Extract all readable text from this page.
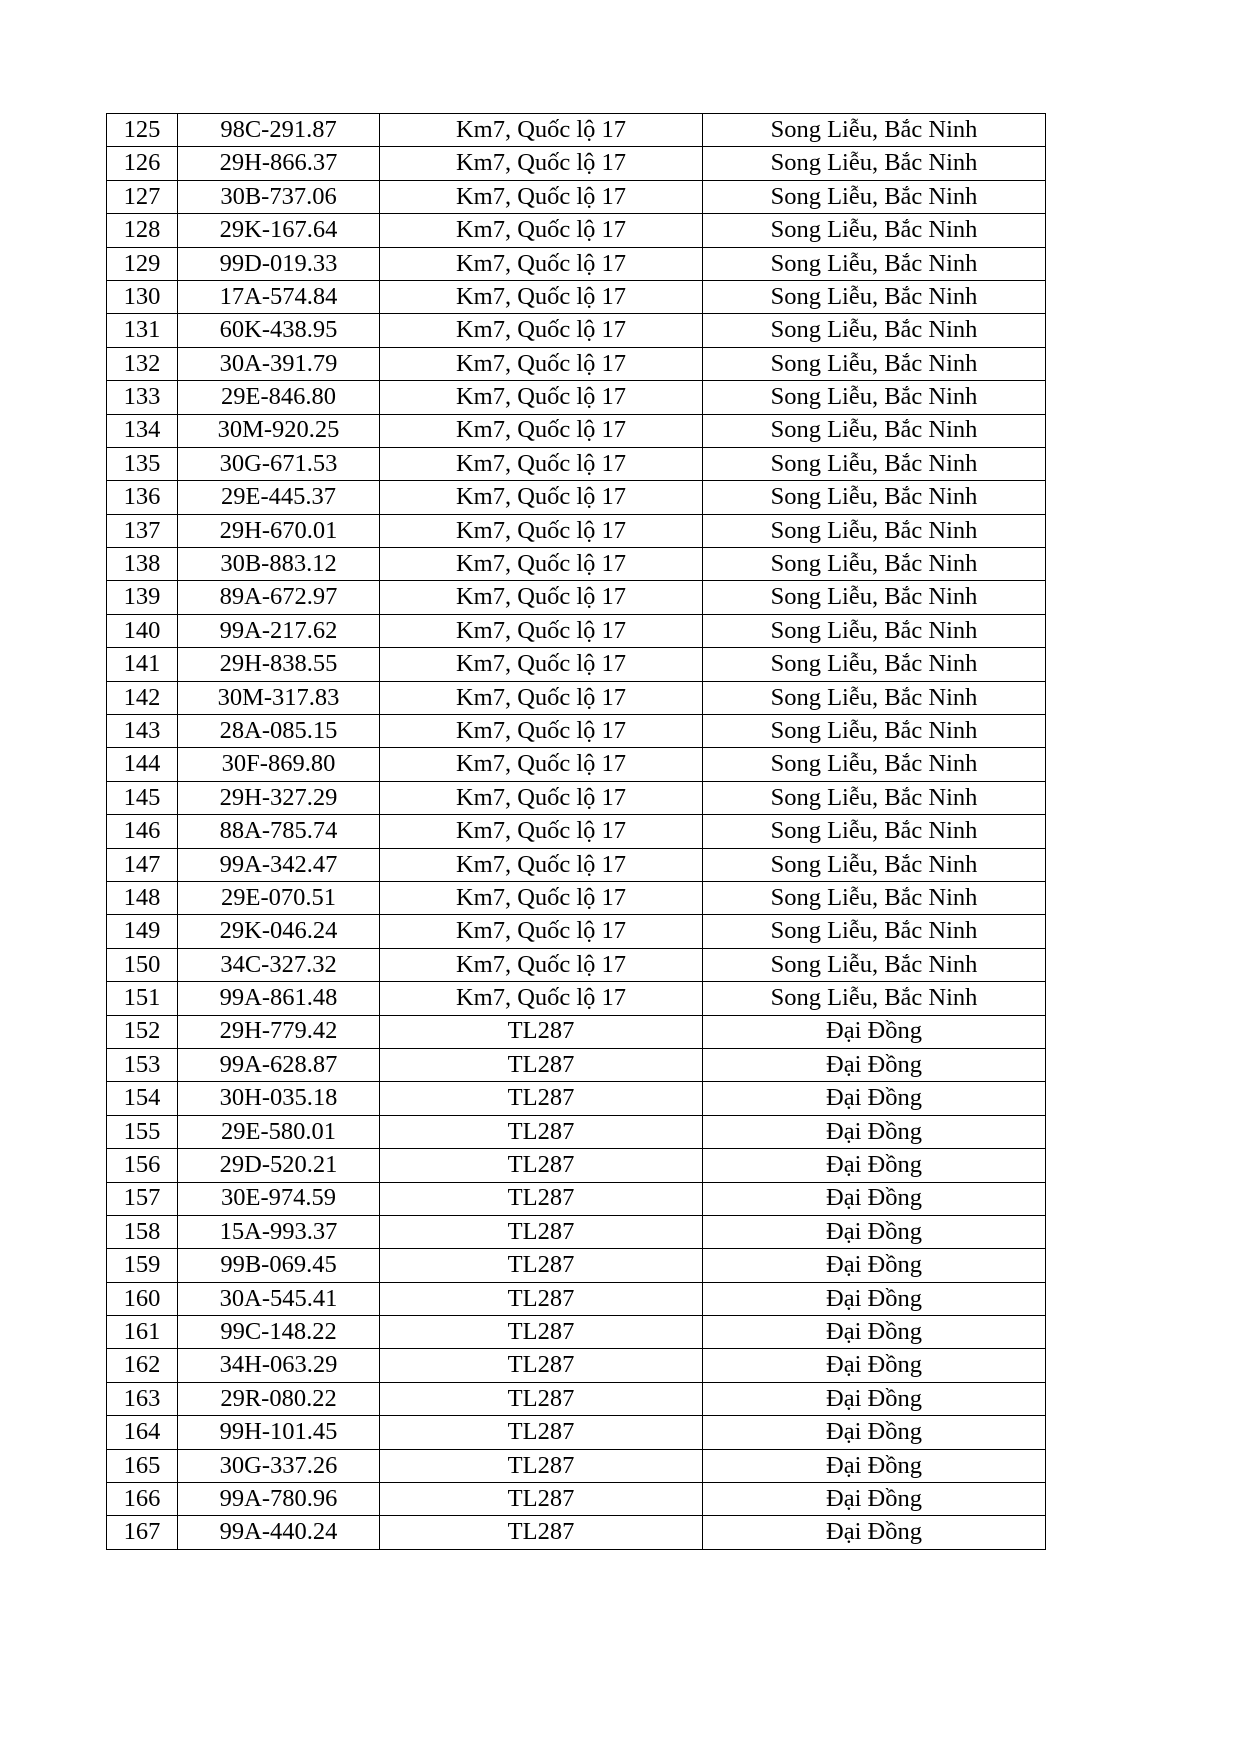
125	98C-291.87	Km7, Quốc lộ 17	Song Liễu, Bắc Ninh
126	29H-866.37	Km7, Quốc lộ 17	Song Liễu, Bắc Ninh
127	30B-737.06	Km7, Quốc lộ 17	Song Liễu, Bắc Ninh
128	29K-167.64	Km7, Quốc lộ 17	Song Liễu, Bắc Ninh
129	99D-019.33	Km7, Quốc lộ 17	Song Liễu, Bắc Ninh
130	17A-574.84	Km7, Quốc lộ 17	Song Liễu, Bắc Ninh
131	60K-438.95	Km7, Quốc lộ 17	Song Liễu, Bắc Ninh
132	30A-391.79	Km7, Quốc lộ 17	Song Liễu, Bắc Ninh
133	29E-846.80	Km7, Quốc lộ 17	Song Liễu, Bắc Ninh
134	30M-920.25	Km7, Quốc lộ 17	Song Liễu, Bắc Ninh
135	30G-671.53	Km7, Quốc lộ 17	Song Liễu, Bắc Ninh
136	29E-445.37	Km7, Quốc lộ 17	Song Liễu, Bắc Ninh
137	29H-670.01	Km7, Quốc lộ 17	Song Liễu, Bắc Ninh
138	30B-883.12	Km7, Quốc lộ 17	Song Liễu, Bắc Ninh
139	89A-672.97	Km7, Quốc lộ 17	Song Liễu, Bắc Ninh
140	99A-217.62	Km7, Quốc lộ 17	Song Liễu, Bắc Ninh
141	29H-838.55	Km7, Quốc lộ 17	Song Liễu, Bắc Ninh
142	30M-317.83	Km7, Quốc lộ 17	Song Liễu, Bắc Ninh
143	28A-085.15	Km7, Quốc lộ 17	Song Liễu, Bắc Ninh
144	30F-869.80	Km7, Quốc lộ 17	Song Liễu, Bắc Ninh
145	29H-327.29	Km7, Quốc lộ 17	Song Liễu, Bắc Ninh
146	88A-785.74	Km7, Quốc lộ 17	Song Liễu, Bắc Ninh
147	99A-342.47	Km7, Quốc lộ 17	Song Liễu, Bắc Ninh
148	29E-070.51	Km7, Quốc lộ 17	Song Liễu, Bắc Ninh
149	29K-046.24	Km7, Quốc lộ 17	Song Liễu, Bắc Ninh
150	34C-327.32	Km7, Quốc lộ 17	Song Liễu, Bắc Ninh
151	99A-861.48	Km7, Quốc lộ 17	Song Liễu, Bắc Ninh
152	29H-779.42	TL287	Đại Đồng
153	99A-628.87	TL287	Đại Đồng
154	30H-035.18	TL287	Đại Đồng
155	29E-580.01	TL287	Đại Đồng
156	29D-520.21	TL287	Đại Đồng
157	30E-974.59	TL287	Đại Đồng
158	15A-993.37	TL287	Đại Đồng
159	99B-069.45	TL287	Đại Đồng
160	30A-545.41	TL287	Đại Đồng
161	99C-148.22	TL287	Đại Đồng
162	34H-063.29	TL287	Đại Đồng
163	29R-080.22	TL287	Đại Đồng
164	99H-101.45	TL287	Đại Đồng
165	30G-337.26	TL287	Đại Đồng
166	99A-780.96	TL287	Đại Đồng
167	99A-440.24	TL287	Đại Đồng
